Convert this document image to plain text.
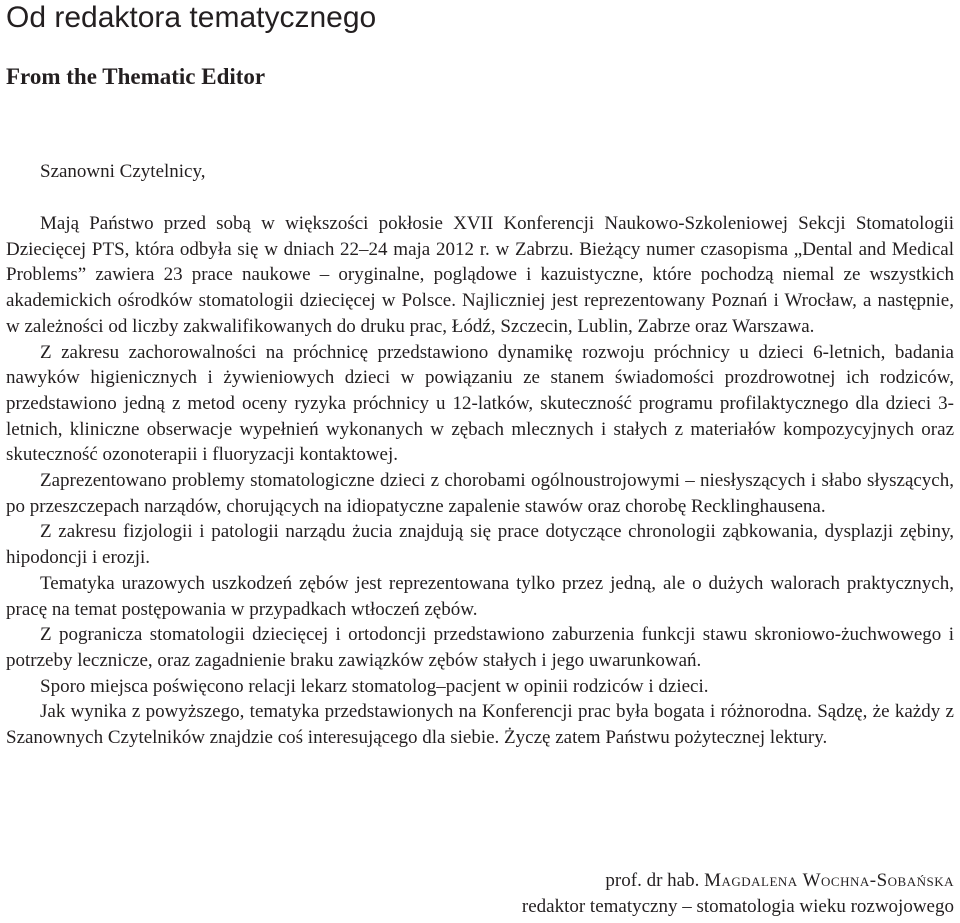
Od redaktora tematycznego
From the Thematic Editor

Szanowni Czytelnicy,

Mają Państwo przed sobą w większości pokłosie XVII Konferencji Naukowo-Szkoleniowej Sekcji Stomatologii Dziecięcej PTS, która odbyła się w dniach 22–24 maja 2012 r. w Zabrzu. Bieżący numer czasopisma „Dental and Medical Problems” zawiera 23 prace naukowe – oryginalne, poglądowe i kazuistyczne, które pochodzą niemal ze wszystkich akademickich ośrodków stomatologii dziecięcej w Polsce. Najliczniej jest reprezentowany Poznań i Wrocław, a następnie, w zależności od liczby zakwalifikowanych do druku prac, Łódź, Szczecin, Lublin, Zabrze oraz Warszawa.

Z zakresu zachorowalności na próchnicę przedstawiono dynamikę rozwoju próchnicy u dzieci 6-letnich, badania nawyków higienicznych i żywieniowych dzieci w powiązaniu ze stanem świadomości prozdrowotnej ich rodziców, przedstawiono jedną z metod oceny ryzyka próchnicy u 12-latków, skuteczność programu profilaktycznego dla dzieci 3-letnich, kliniczne obserwacje wypełnień wykonanych w zębach mlecznych i stałych z materiałów kompozycyjnych oraz skuteczność ozonoterapii i fluoryzacji kontaktowej.

Zaprezentowano problemy stomatologiczne dzieci z chorobami ogólnoustrojowymi – niesłyszących i słabo słyszących, po przeszczepach narządów, chorujących na idiopatyczne zapalenie stawów oraz chorobę Recklinghausena.

Z zakresu fizjologii i patologii narządu żucia znajdują się prace dotyczące chronologii ząbkowania, dysplazji zębiny, hipodoncji i erozji.

Tematyka urazowych uszkodzeń zębów jest reprezentowana tylko przez jedną, ale o dużych walorach praktycznych, pracę na temat postępowania w przypadkach wtłoczeń zębów.

Z pogranicza stomatologii dziecięcej i ortodoncji przedstawiono zaburzenia funkcji stawu skroniowo-żuchwowego i potrzeby lecznicze, oraz zagadnienie braku zawiązków zębów stałych i jego uwarunkowań.

Sporo miejsca poświęcono relacji lekarz stomatolog–pacjent w opinii rodziców i dzieci.

Jak wynika z powyższego, tematyka przedstawionych na Konferencji prac była bogata i różnorodna. Sądzę, że każdy z Szanownych Czytelników znajdzie coś interesującego dla siebie. Życzę zatem Państwu pożytecznej lektury.

prof. dr hab. Magdalena Wochna-Sobańska
redaktor tematyczny – stomatologia wieku rozwojowego
